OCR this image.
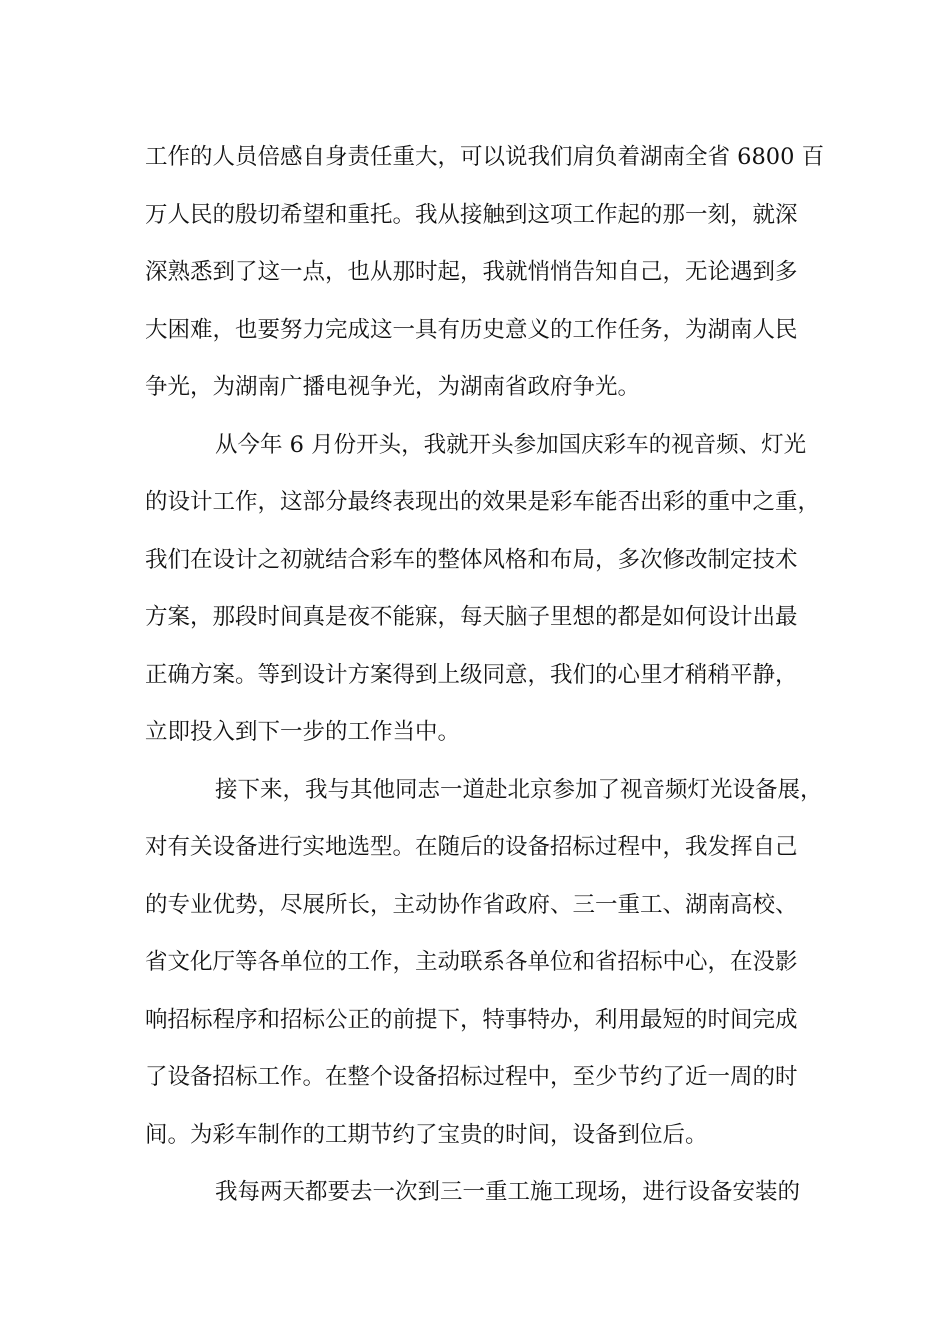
工作的人员倍感自身责任重大，可以说我们肩负着湖南全省 6800 百
万人民的殷切希望和重托。我从接触到这项工作起的那一刻，就深
深熟悉到了这一点，也从那时起，我就悄悄告知自己，无论遇到多
大困难，也要努力完成这一具有历史意义的工作任务，为湖南人民
争光，为湖南广播电视争光，为湖南省政府争光。
从今年 6 月份开头，我就开头参加国庆彩车的视音频、灯光
的设计工作，这部分最终表现出的效果是彩车能否出彩的重中之重，
我们在设计之初就结合彩车的整体风格和布局，多次修改制定技术
方案，那段时间真是夜不能寐，每天脑子里想的都是如何设计出最
正确方案。等到设计方案得到上级同意，我们的心里才稍稍平静，
立即投入到下一步的工作当中。
接下来，我与其他同志一道赴北京参加了视音频灯光设备展，
对有关设备进行实地选型。在随后的设备招标过程中，我发挥自己
的专业优势，尽展所长，主动协作省政府、三一重工、湖南高校、
省文化厅等各单位的工作，主动联系各单位和省招标中心，在没影
响招标程序和招标公正的前提下，特事特办，利用最短的时间完成
了设备招标工作。在整个设备招标过程中，至少节约了近一周的时
间。为彩车制作的工期节约了宝贵的时间，设备到位后。
我每两天都要去一次到三一重工施工现场，进行设备安装的
